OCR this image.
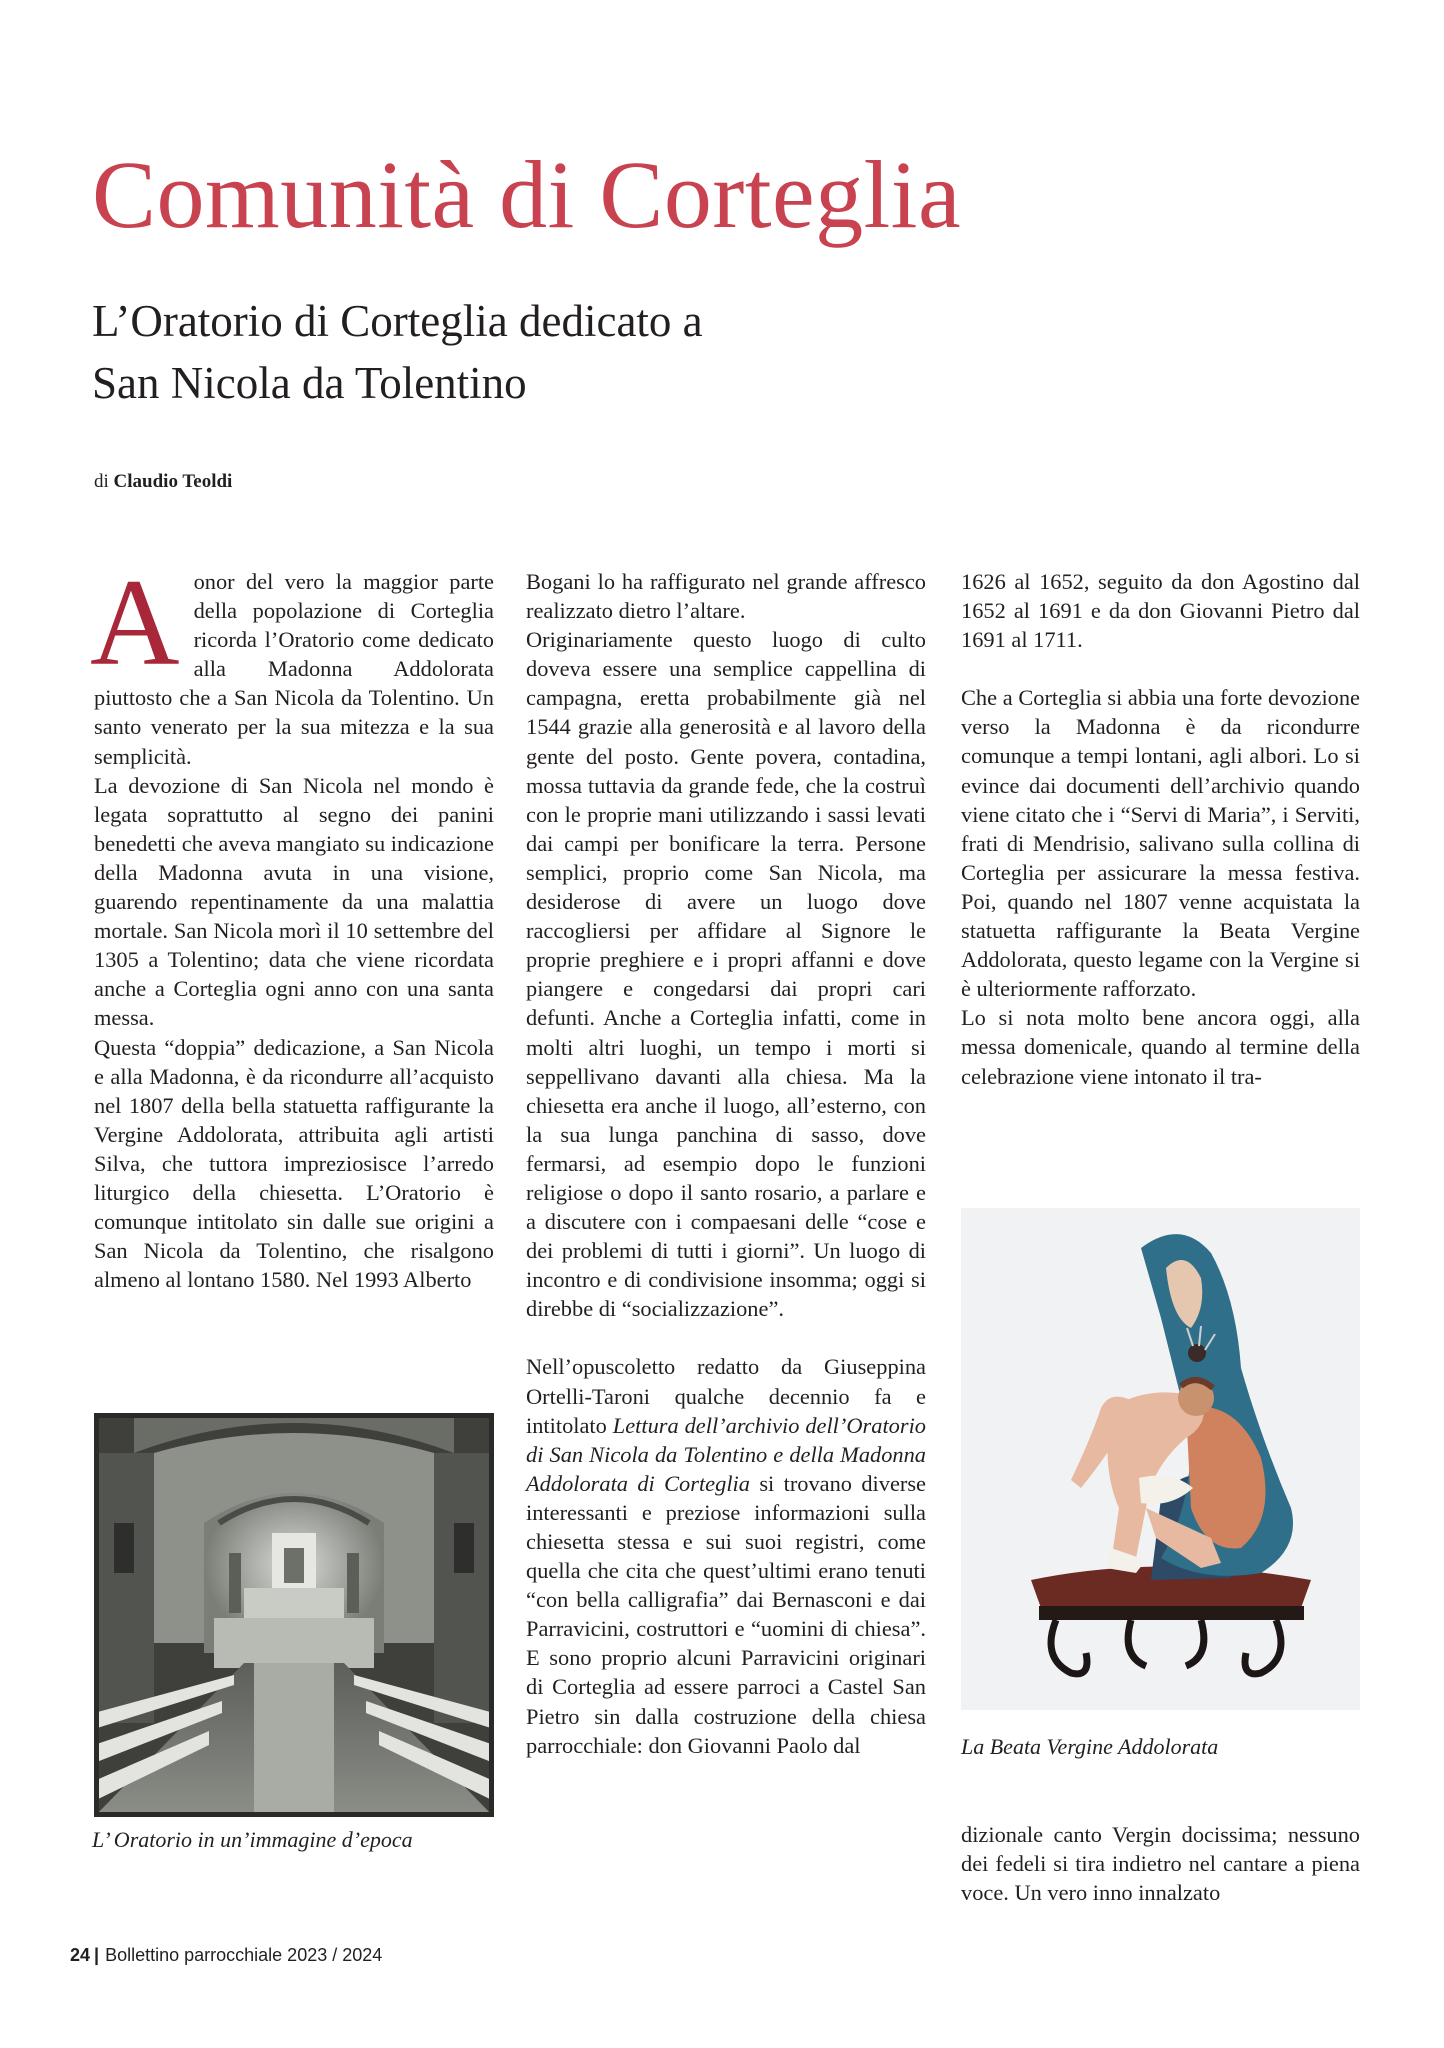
Comunità di Corteglia
L’Oratorio di Corteglia dedicato a
San Nicola da Tolentino
di Claudio Teoldi

Aonor del vero la maggior parte della popolazione di Corteglia ricorda l’Oratorio come dedicato alla Madonna Addolorata piuttosto che a San Nicola da Tolentino. Un santo venerato per la sua mitezza e la sua semplicità.

La devozione di San Nicola nel mondo è legata soprattutto al segno dei panini benedetti che aveva mangiato su indicazione della Madonna avuta in una visione, guarendo repentinamente da una malattia mortale. San Nicola morì il 10 settembre del 1305 a Tolentino; data che viene ricordata anche a Corteglia ogni anno con una santa messa.

Questa “doppia” dedicazione, a San Nicola e alla Madonna, è da ricondurre all’acquisto nel 1807 della bella statuetta raffigurante la Vergine Addolorata, attribuita agli artisti Silva, che tuttora impreziosisce l’arredo liturgico della chiesetta. L’Oratorio è comunque intitolato sin dalle sue origini a San Nicola da Tolentino, che risalgono almeno al lontano 1580. Nel 1993 Alberto

L’ Oratorio in un’immagine d’epoca

Bogani lo ha raffigurato nel grande affresco realizzato dietro l’altare.

Originariamente questo luogo di culto doveva essere una semplice cappellina di campagna, eretta probabilmente già nel 1544 grazie alla generosità e al lavoro della gente del posto. Gente povera, contadina, mossa tuttavia da grande fede, che la costruì con le proprie mani utilizzando i sassi levati dai campi per bonificare la terra. Persone semplici, proprio come San Nicola, ma desiderose di avere un luogo dove raccogliersi per affidare al Signore le proprie preghiere e i propri affanni e dove piangere e congedarsi dai propri cari defunti. Anche a Corteglia infatti, come in molti altri luoghi, un tempo i morti si seppellivano davanti alla chiesa. Ma la chiesetta era anche il luogo, all’esterno, con la sua lunga panchina di sasso, dove fermarsi, ad esempio dopo le funzioni religiose o dopo il santo rosario, a parlare e a discutere con i compaesani delle “cose e dei problemi di tutti i giorni”. Un luogo di incontro e di condivisione insomma; oggi si direbbe di “socializzazione”.

Nell’opuscoletto redatto da Giuseppina Ortelli-Taroni qualche decennio fa e intitolato Lettura dell’archivio dell’Oratorio di San Nicola da Tolentino e della Madonna Addolorata di Corteglia si trovano diverse interessanti e preziose informazioni sulla chiesetta stessa e sui suoi registri, come quella che cita che quest’ultimi erano tenuti “con bella calligrafia” dai Bernasconi e dai Parravicini, costruttori e “uomini di chiesa”. E sono proprio alcuni Parravicini originari di Corteglia ad essere parroci a Castel San Pietro sin dalla costruzione della chiesa parrocchiale: don Giovanni Paolo dal

1626 al 1652, seguito da don Agostino dal 1652 al 1691 e da don Giovanni Pietro dal 1691 al 1711.

Che a Corteglia si abbia una forte devozione verso la Madonna è da ricondurre comunque a tempi lontani, agli albori. Lo si evince dai documenti dell’archivio quando viene citato che i “Servi di Maria”, i Serviti, frati di Mendrisio, salivano sulla collina di Corteglia per assicurare la messa festiva. Poi, quando nel 1807 venne acquistata la statuetta raffigurante la Beata Vergine Addolorata, questo legame con la Vergine si è ulteriormente rafforzato.

Lo si nota molto bene ancora oggi, alla messa domenicale, quando al termine della celebrazione viene intonato il tra-

La Beata Vergine Addolorata

dizionale canto Vergin docissima; nessuno dei fedeli si tira indietro nel cantare a piena voce. Un vero inno innalzato

24 | Bollettino parrocchiale 2023 / 2024
